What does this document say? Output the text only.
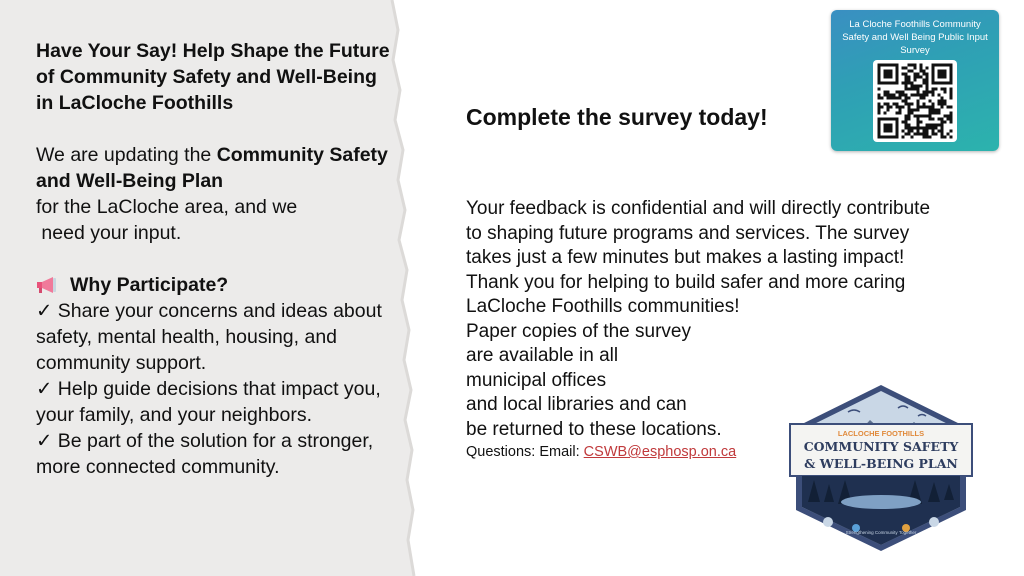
Have Your Say! Help Shape the Future of Community Safety and Well-Being in LaCloche Foothills

We are updating the Community Safety and Well-Being Plan

for the LaCloche area, and we

need your input.

Why Participate?

✓ Share your concerns and ideas about safety, mental health, housing, and community support.

✓ Help guide decisions that impact you, your family, and your neighbors.

✓ Be part of the solution for a stronger, more connected community.

Complete the survey today!

Your feedback is confidential and will directly contribute to shaping future programs and services. The survey takes just a few minutes but makes a lasting impact!

Thank you for helping to build safer and more caring LaCloche Foothills communities!

Paper copies of the survey

are available in all

municipal offices

and local libraries and can

be returned to these locations.

Questions: Email: CSWB@esphosp.on.ca

La Cloche Foothills Community Safety and Well Being Public Input Survey
LACLOCHE FOOTHILLS
COMMUNITY SAFETY
& WELL-BEING PLAN
Strengthening Community Together
